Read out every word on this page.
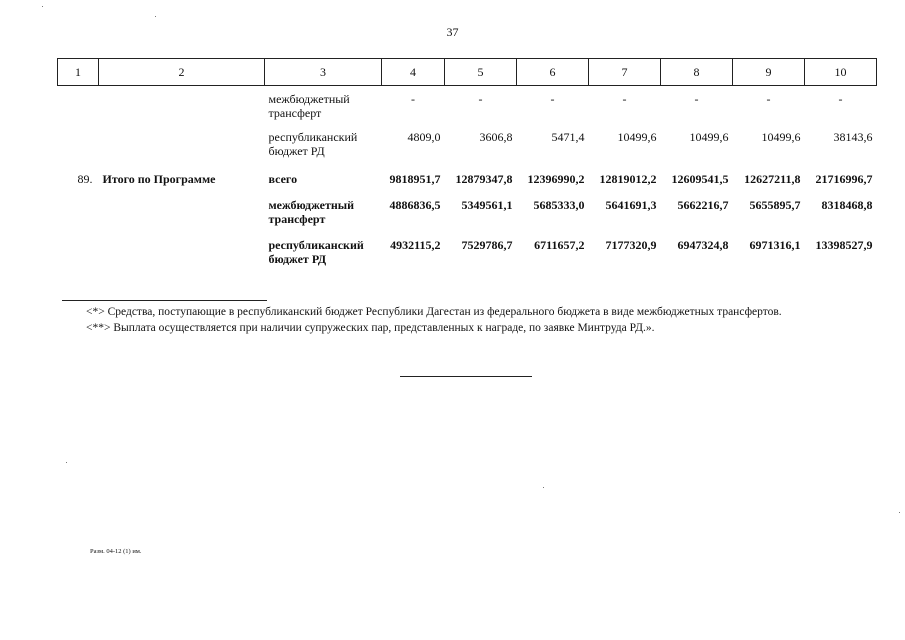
37
1	2	3	4	5	6	7	8	9	10

		межбюджетный трансферт	-	-	-	-	-	-	-
		республиканский бюджет РД	4809,0	3606,8	5471,4	10499,6	10499,6	10499,6	38143,6
89.	Итого по Программе	всего	9818951,7	12879347,8	12396990,2	12819012,2	12609541,5	12627211,8	21716996,7
		межбюджетный трансферт	4886836,5	5349561,1	5685333,0	5641691,3	5662216,7	5655895,7	8318468,8
		республиканский бюджет РД	4932115,2	7529786,7	6711657,2	7177320,9	6947324,8	6971316,1	13398527,9

<*> Средства, поступающие в республиканский бюджет Республики Дагестан из федерального бюджета в виде межбюджетных трансфертов.

<**> Выплата осуществляется при наличии супружеских пар, представленных к награде, по заявке Минтруда РД.».

Разм. 04-12 (1) им.
